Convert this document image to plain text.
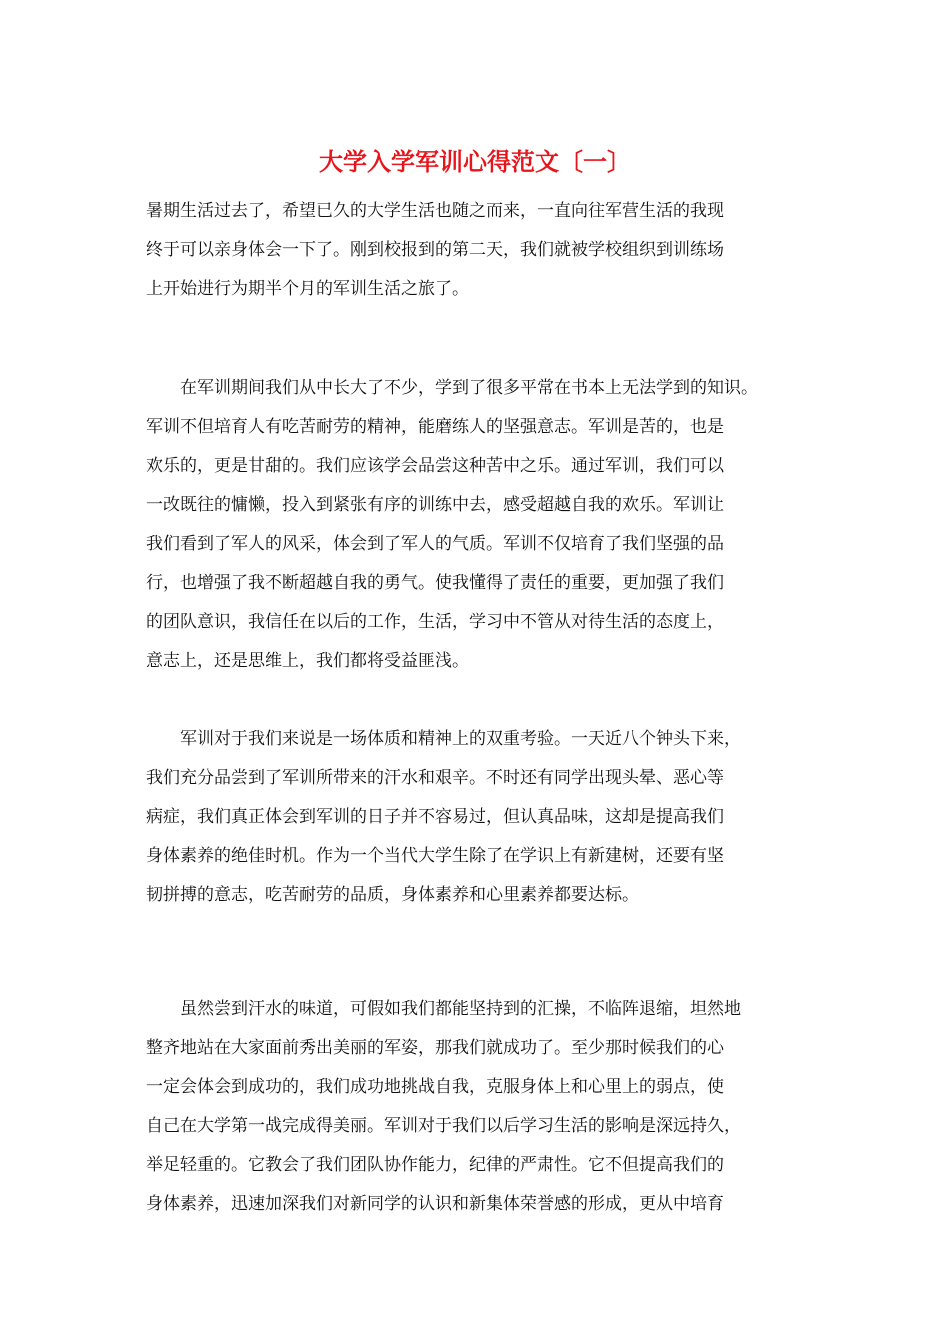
大学入学军训心得范文〔一〕

暑期生活过去了，希望已久的大学生活也随之而来，一直向往军营生活的我现
终于可以亲身体会一下了。刚到校报到的第二天，我们就被学校组织到训练场
上开始进行为期半个月的军训生活之旅了。

　　在军训期间我们从中长大了不少，学到了很多平常在书本上无法学到的知识。
军训不但培育人有吃苦耐劳的精神，能磨练人的坚强意志。军训是苦的，也是
欢乐的，更是甘甜的。我们应该学会品尝这种苦中之乐。通过军训，我们可以
一改既往的慵懒，投入到紧张有序的训练中去，感受超越自我的欢乐。军训让
我们看到了军人的风采，体会到了军人的气质。军训不仅培育了我们坚强的品
行，也增强了我不断超越自我的勇气。使我懂得了责任的重要，更加强了我们
的团队意识，我信任在以后的工作，生活，学习中不管从对待生活的态度上，
意志上，还是思维上，我们都将受益匪浅。

　　军训对于我们来说是一场体质和精神上的双重考验。一天近八个钟头下来，
我们充分品尝到了军训所带来的汗水和艰辛。不时还有同学出现头晕、恶心等
病症，我们真正体会到军训的日子并不容易过，但认真品味，这却是提高我们
身体素养的绝佳时机。作为一个当代大学生除了在学识上有新建树，还要有坚
韧拼搏的意志，吃苦耐劳的品质，身体素养和心里素养都要达标。

　　虽然尝到汗水的味道，可假如我们都能坚持到的汇操，不临阵退缩，坦然地
整齐地站在大家面前秀出美丽的军姿，那我们就成功了。至少那时候我们的心
一定会体会到成功的，我们成功地挑战自我，克服身体上和心里上的弱点，使
自己在大学第一战完成得美丽。军训对于我们以后学习生活的影响是深远持久，
举足轻重的。它教会了我们团队协作能力，纪律的严肃性。它不但提高我们的
身体素养，迅速加深我们对新同学的认识和新集体荣誉感的形成，更从中培育
